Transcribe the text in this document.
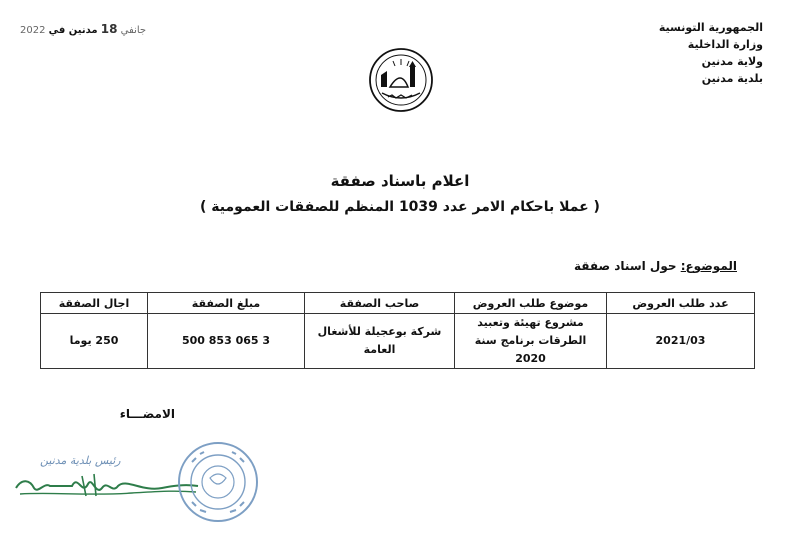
2022	جانفي 18 مدنين في	الجمهورية التونسية
وزارة الداخلية
ولاية مدنين
بلدية مدنين
اعلام باسناد صفقة
( عملا باحكام الامر عدد 1039 المنظم للصفقات العمومية )
الموضوع: حول اسناد صفقة
عدد طلب العروض	موضوع طلب العروض	صاحب الصفقة	مبلغ الصفقة	اجال الصفقة
2021/03	مشروع تهيئة وتعبيد الطرقات برنامج سنة 2020	شركة بوعجيلة للأشغال العامة	3 065 853 500	250 يوما
الامضـــاء
رئيس بلدية مدنين
